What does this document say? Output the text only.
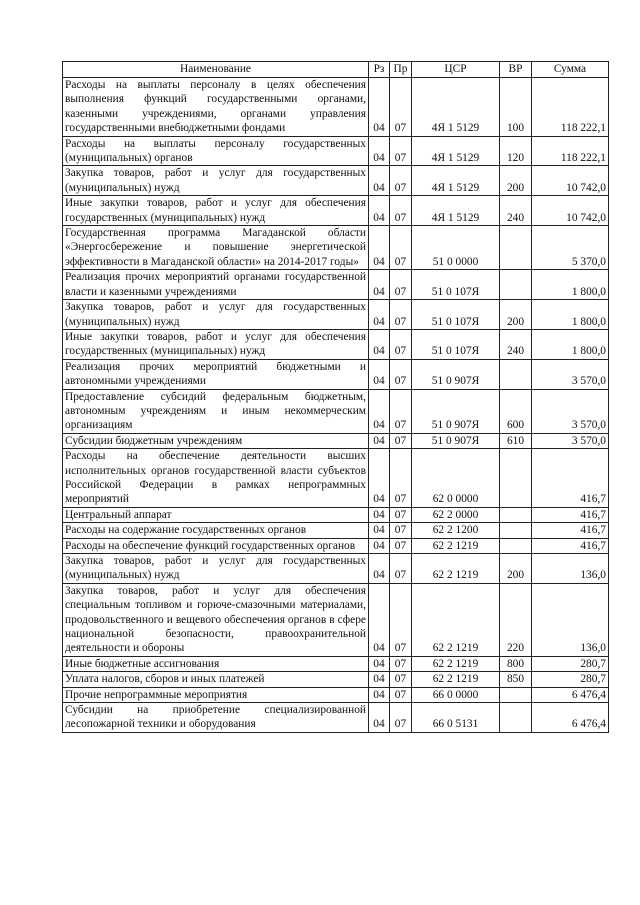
Наименование	Рз	Пр	ЦСР	ВР	Сумма
Расходы на выплаты персоналу в целях обеспечения выполнения функций государственными органами, казенными учреждениями, органами управления государственными внебюджетными фондами	04	07	4Я 1 5129	100	118 222,1
Расходы на выплаты персоналу государственных (муниципальных) органов	04	07	4Я 1 5129	120	118 222,1
Закупка товаров, работ и услуг для государственных (муниципальных) нужд	04	07	4Я 1 5129	200	10 742,0
Иные закупки товаров, работ и услуг для обеспечения государственных (муниципальных) нужд	04	07	4Я 1 5129	240	10 742,0
Государственная программа Магаданской области «Энергосбережение и повышение энергетической эффективности в Магаданской области» на 2014-2017 годы»	04	07	51 0 0000		5 370,0
Реализация прочих мероприятий органами государственной власти и казенными учреждениями	04	07	51 0 107Я		1 800,0
Закупка товаров, работ и услуг для государственных (муниципальных) нужд	04	07	51 0 107Я	200	1 800,0
Иные закупки товаров, работ и услуг для обеспечения государственных (муниципальных) нужд	04	07	51 0 107Я	240	1 800,0
Реализация прочих мероприятий бюджетными и автономными учреждениями	04	07	51 0 907Я		3 570,0
Предоставление субсидий федеральным бюджетным, автономным учреждениям и иным некоммерческим организациям	04	07	51 0 907Я	600	3 570,0
Субсидии бюджетным учреждениям	04	07	51 0 907Я	610	3 570,0
Расходы на обеспечение деятельности высших исполнительных органов государственной власти субъектов Российской Федерации в рамках непрограммных мероприятий	04	07	62 0 0000		416,7
Центральный аппарат	04	07	62 2 0000		416,7
Расходы на содержание государственных органов	04	07	62 2 1200		416,7
Расходы на обеспечение функций государственных органов	04	07	62 2 1219		416,7
Закупка товаров, работ и услуг для государственных (муниципальных) нужд	04	07	62 2 1219	200	136,0
Закупка товаров, работ и услуг для обеспечения специальным топливом и горюче-смазочными материалами, продовольственного и вещевого обеспечения органов в сфере национальной безопасности, правоохранительной деятельности и обороны	04	07	62 2 1219	220	136,0
Иные бюджетные ассигнования	04	07	62 2 1219	800	280,7
Уплата налогов, сборов и иных платежей	04	07	62 2 1219	850	280,7
Прочие непрограммные мероприятия	04	07	66 0 0000		6 476,4
Субсидии на приобретение специализированной лесопожарной техники и оборудования	04	07	66 0 5131		6 476,4
